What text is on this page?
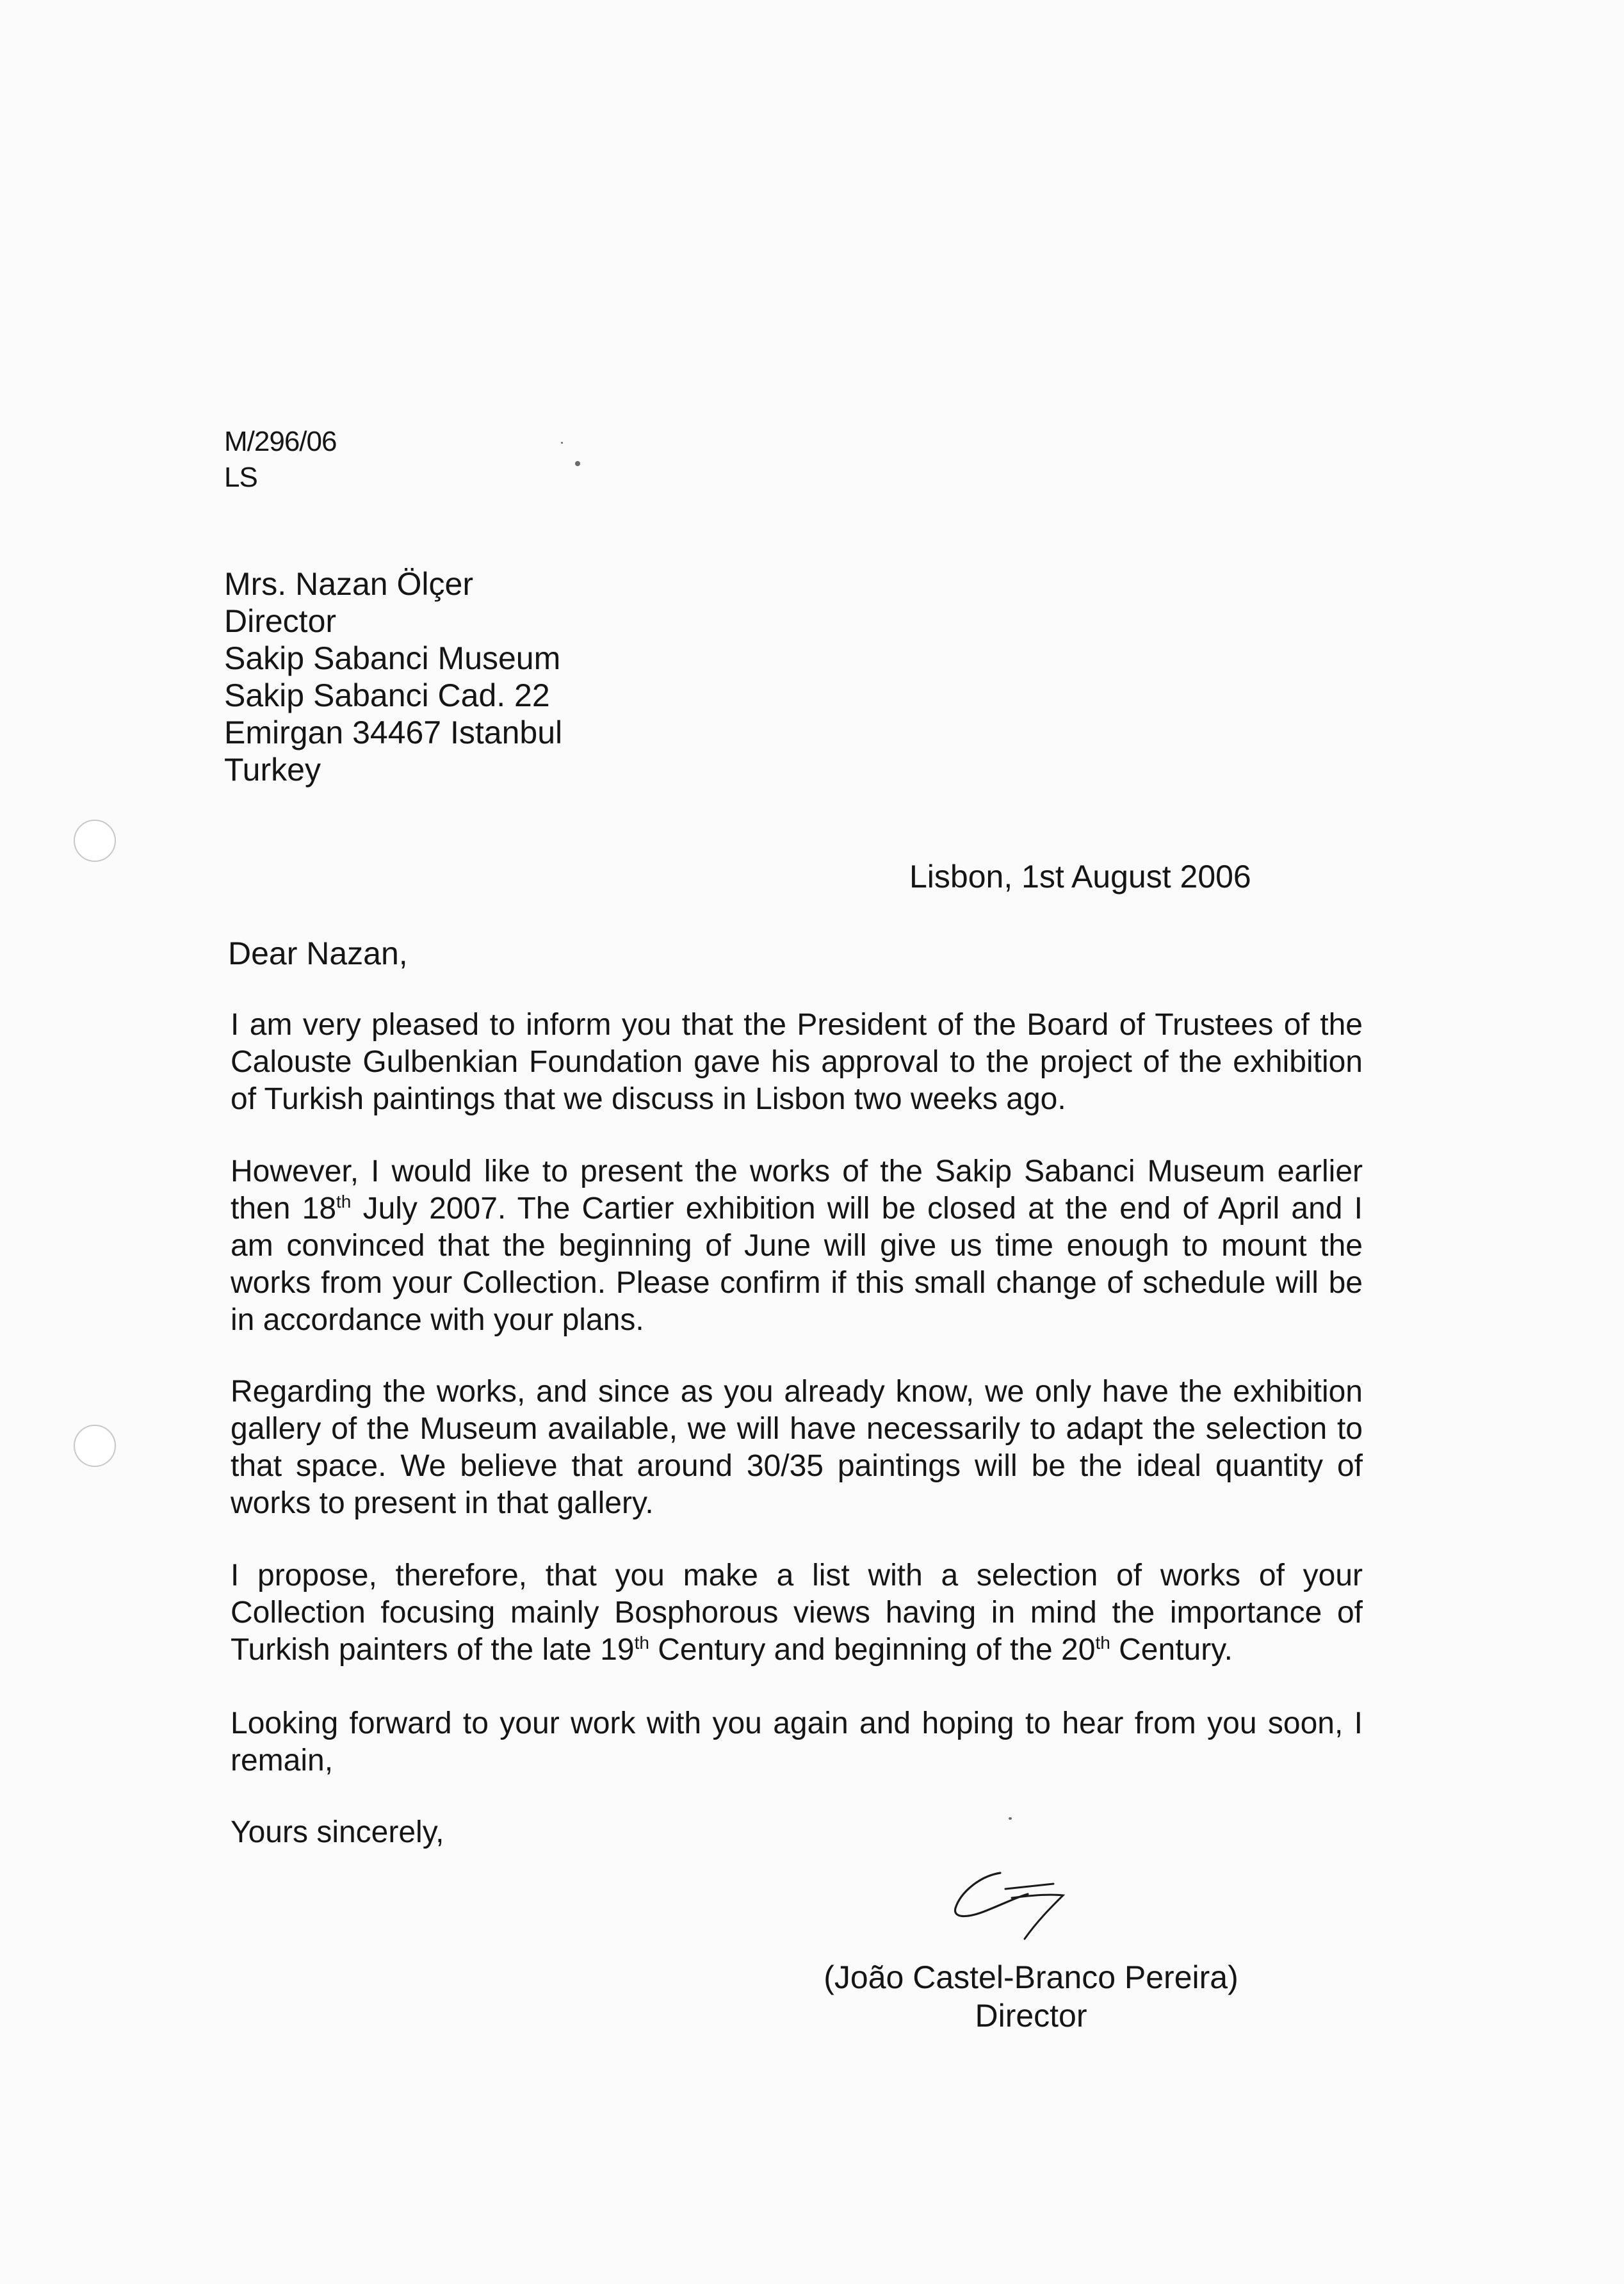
M/296/06
LS
Mrs. Nazan Ölçer
Director
Sakip Sabanci Museum
Sakip Sabanci Cad. 22
Emirgan 34467 Istanbul
Turkey
Lisbon, 1st August 2006
Dear Nazan,
I am very pleased to inform you that the President of the Board of Trustees of the Calouste Gulbenkian Foundation gave his approval to the project of the exhibition of Turkish paintings that we discuss in Lisbon two weeks ago.
However, I would like to present the works of the Sakip Sabanci Museum earlier then 18th July 2007. The Cartier exhibition will be closed at the end of April and I am convinced that the beginning of June will give us time enough to mount the works from your Collection. Please confirm if this small change of schedule will be in accordance with your plans.
Regarding the works, and since as you already know, we only have the exhibition gallery of the Museum available, we will have necessarily to adapt the selection to that space. We believe that around 30/35 paintings will be the ideal quantity of works to present in that gallery.
I propose, therefore, that you make a list with a selection of works of your Collection focusing mainly Bosphorous views having in mind the importance of Turkish painters of the late 19th Century and beginning of the 20th Century.
Looking forward to your work with you again and hoping to hear from you soon, I remain,
Yours sincerely,
(João Castel-Branco Pereira)
Director
